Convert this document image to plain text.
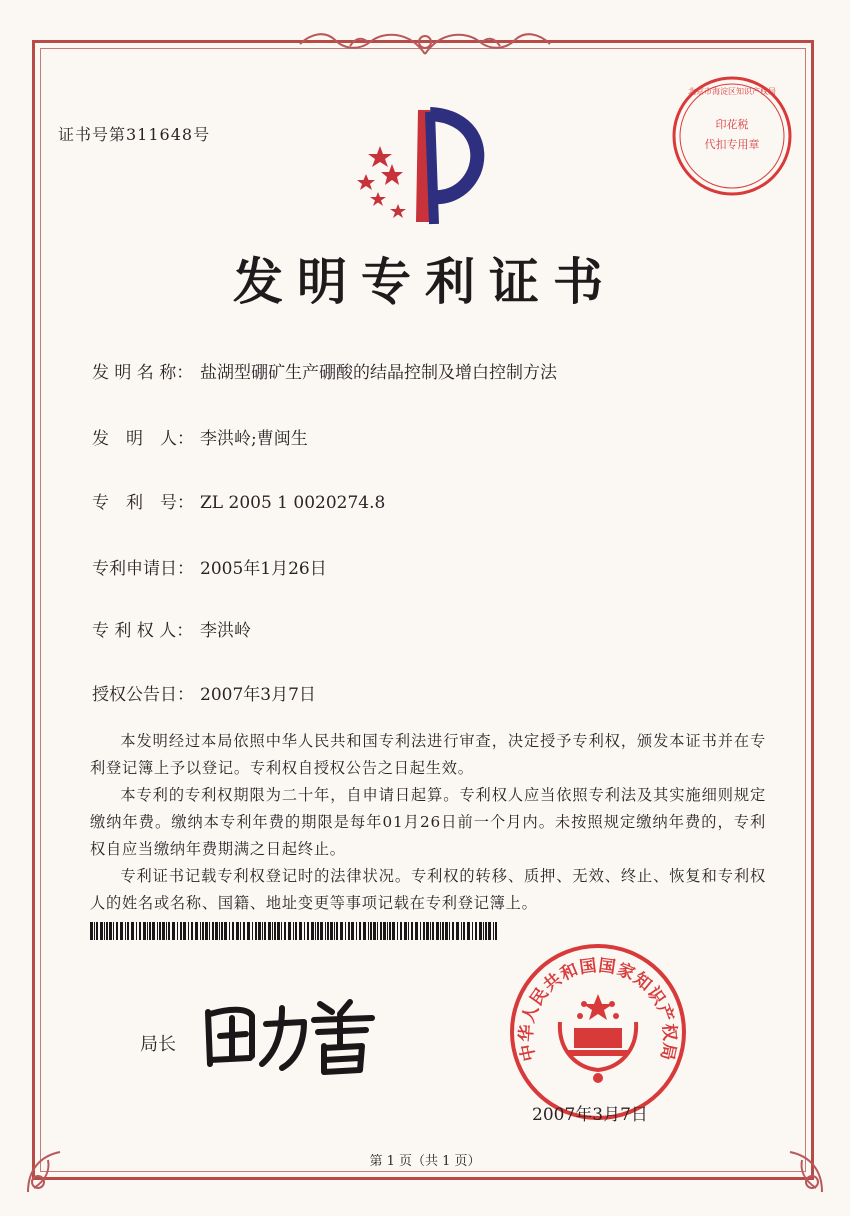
证书号第311648号
印花税
代扣专用章
北京市海淀区知识产权局
发明专利证书
发 明 名 称： 盐湖型硼矿生产硼酸的结晶控制及增白控制方法
发　明　人： 李洪岭;曹闽生
专　利　号： ZL 2005 1 0020274.8
专利申请日： 2005年1月26日
专 利 权 人： 李洪岭
授权公告日： 2007年3月7日

本发明经过本局依照中华人民共和国专利法进行审查，决定授予专利权，颁发本证书并在专利登记簿上予以登记。专利权自授权公告之日起生效。

本专利的专利权期限为二十年，自申请日起算。专利权人应当依照专利法及其实施细则规定缴纳年费。缴纳本专利年费的期限是每年01月26日前一个月内。未按照规定缴纳年费的，专利权自应当缴纳年费期满之日起终止。

专利证书记载专利权登记时的法律状况。专利权的转移、质押、无效、终止、恢复和专利权人的姓名或名称、国籍、地址变更等事项记载在专利登记簿上。

局长	中华人民共和国国家知识产权局
2007年3月7日
第 1 页（共 1 页）
